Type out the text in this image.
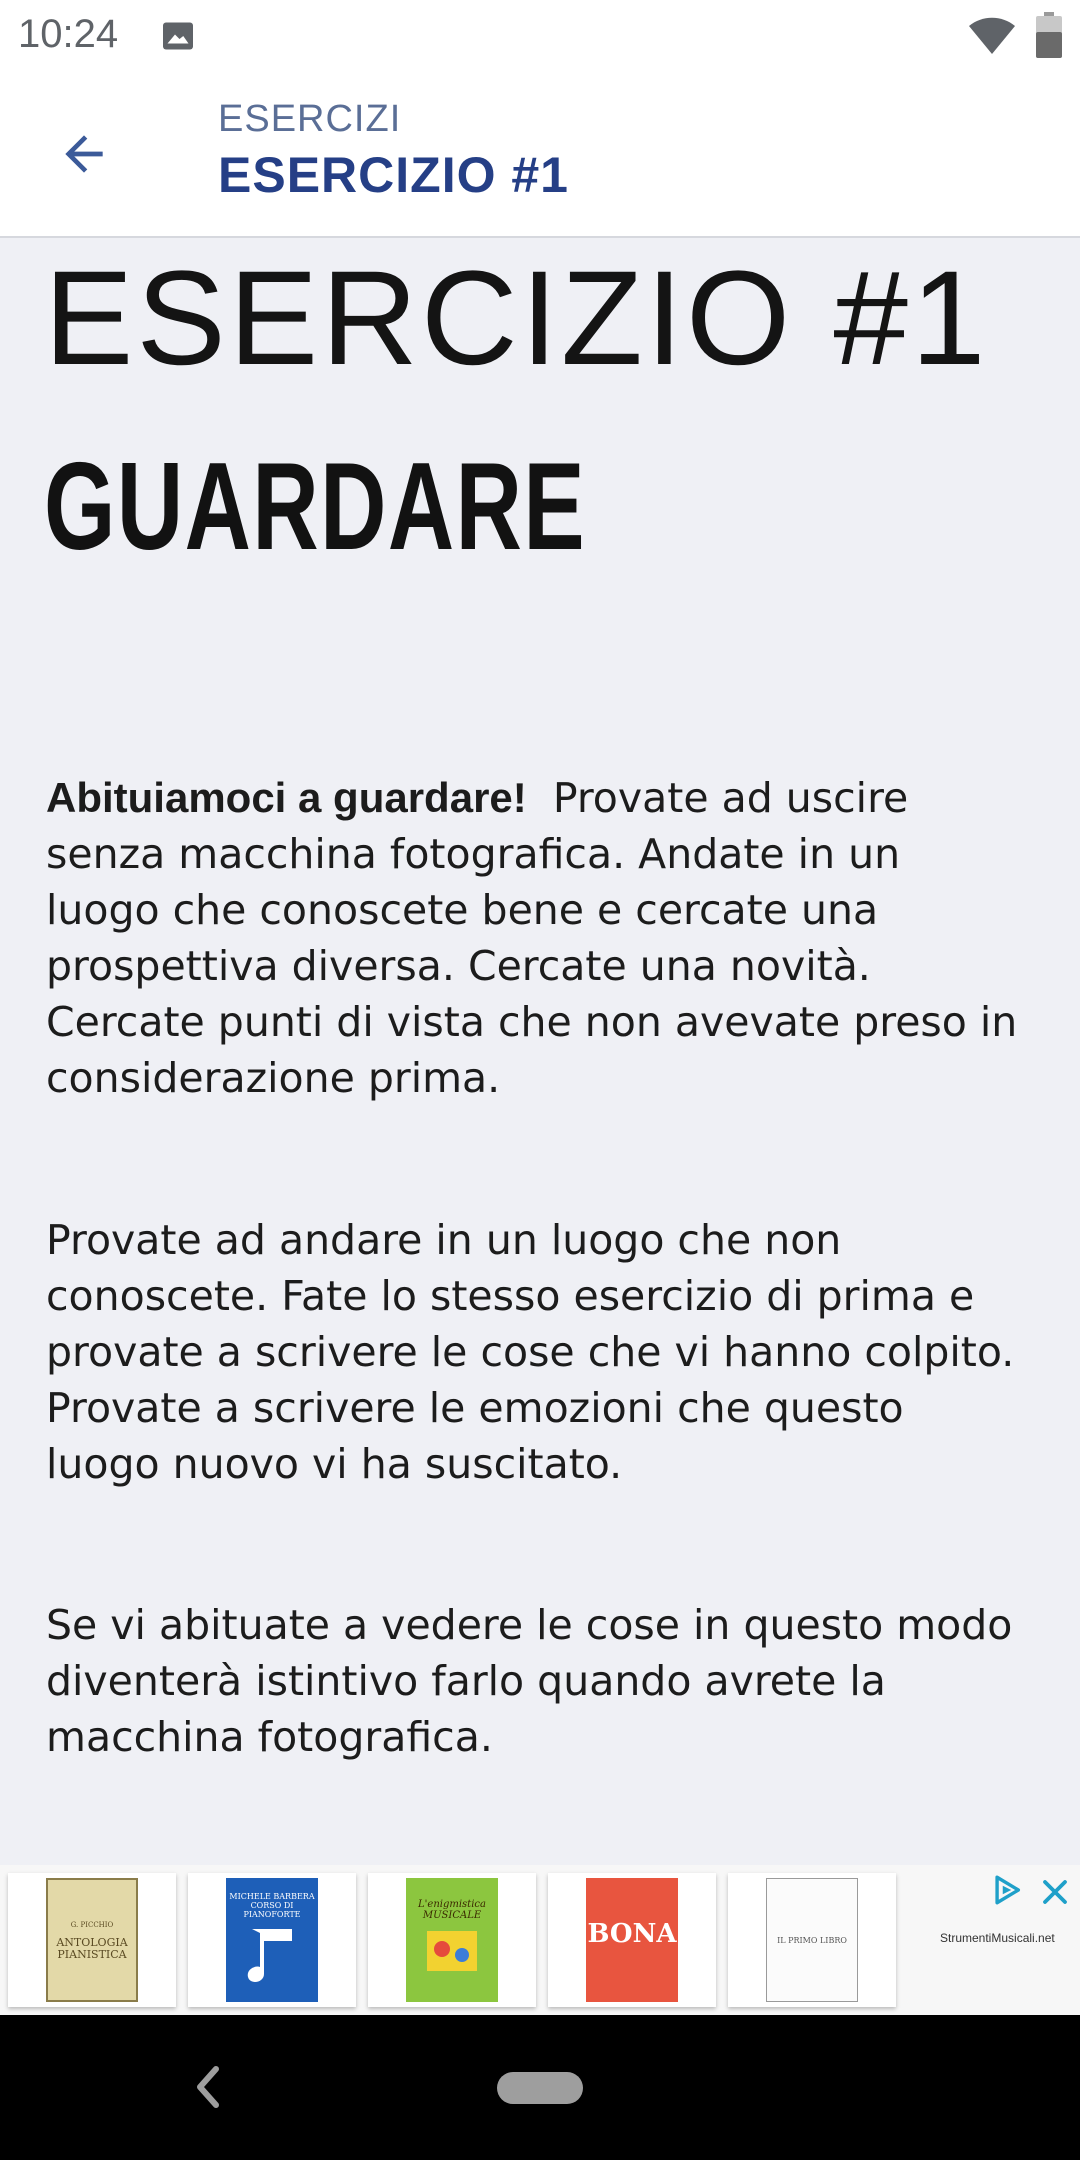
10:24
ESERCIZI
ESERCIZIO #1
ESERCIZIO #1
GUARDARE

Abituiamoci a guardare! Provate ad uscire senza macchina fotografica. Andate in un luogo che conoscete bene e cercate una prospettiva diversa. Cercate una novità. Cercate punti di vista che non avevate preso in considerazione prima.

Provate ad andare in un luogo che non conoscete. Fate lo stesso esercizio di prima e provate a scrivere le cose che vi hanno colpito. Provate a scrivere le emozioni che questo luogo nuovo vi ha suscitato.

Se vi abituate a vedere le cose in questo modo diventerà istintivo farlo quando avrete la macchina fotografica.

G. PICCHIO
ANTOLOGIA PIANISTICA
MICHELE BARBERA
CORSO DI PIANOFORTE
L'enigmistica MUSICALE
BONA
	IL PRIMO LIBRO	StrumentiMusicali.net
